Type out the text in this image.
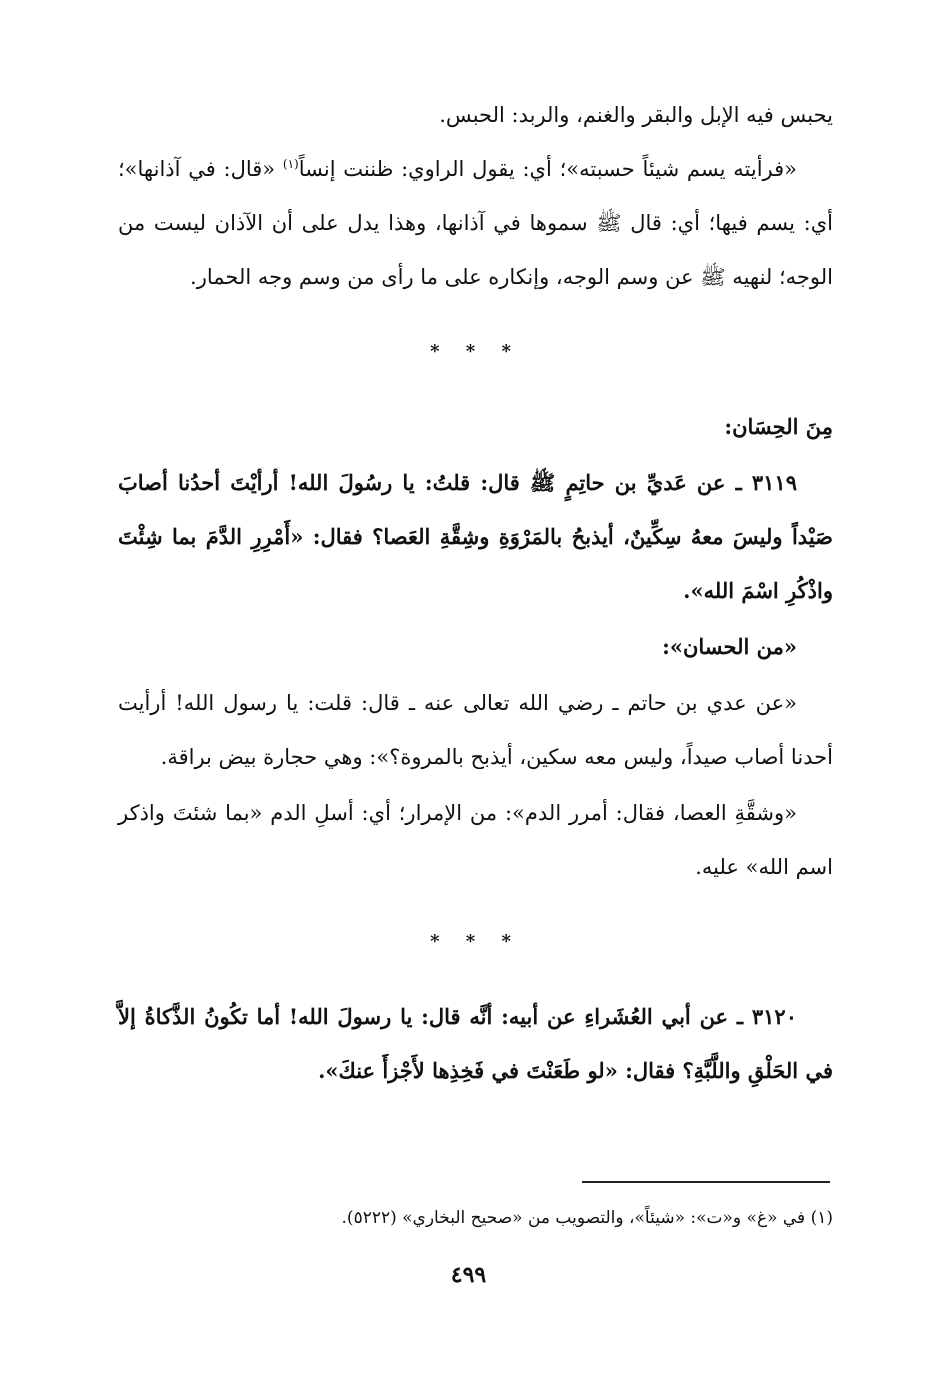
يحبس فيه الإبل والبقر والغنم، والربد: الحبس.

«فرأيته يسم شيئاً حسبته»؛ أي: يقول الراوي: ظننت إنساً$^{(١)}$ «قال: في آذانها»؛ أي: يسم فيها؛ أي: قال ﷺ سموها في آذانها، وهذا يدل على أن الآذان ليست من الوجه؛ لنهيه ﷺ عن وسم الوجه، وإنكاره على ما رأى من وسم وجه الحمار.

* * *

مِنَ الحِسَان:

٣١١٩ ـ عن عَديِّ بن حاتِمٍ ﷺ قال: قلتُ: يا رسُولَ الله! أرأيْتَ أحدُنا أصابَ صَيْداً وليسَ معهُ سِكِّينٌ، أيذبحُ بالمَرْوَةِ وشِقَّةِ العَصا؟ فقال: «أَمْرِرِ الدَّمَ بما شِئْتَ واذْكُرِ اسْمَ الله».

«من الحسان»:

«عن عدي بن حاتم ـ رضي الله تعالى عنه ـ قال: قلت: يا رسول الله! أرأيت أحدنا أصاب صيداً، وليس معه سكين، أيذبح بالمروة؟»: وهي حجارة بيض براقة.

«وشقَّةِ العصا، فقال: أمرر الدم»: من الإمرار؛ أي: أسلِ الدم «بما شئتَ واذكر اسم الله» عليه.

* * *

٣١٢٠ ـ عن أبي العُشَراءِ عن أبيه: أنَّه قال: يا رسولَ الله! أما تكُونُ الذَّكاةُ إلاَّ في الحَلْقِ واللَّبَّةِ؟ فقال: «لو طَعَنْتَ في فَخِذِها لأَجْزأَ عنكَ».

(١) في «غ» و«ت»: «شيئاً»، والتصويب من «صحيح البخاري» (٥٢٢٢).
٤٩٩
